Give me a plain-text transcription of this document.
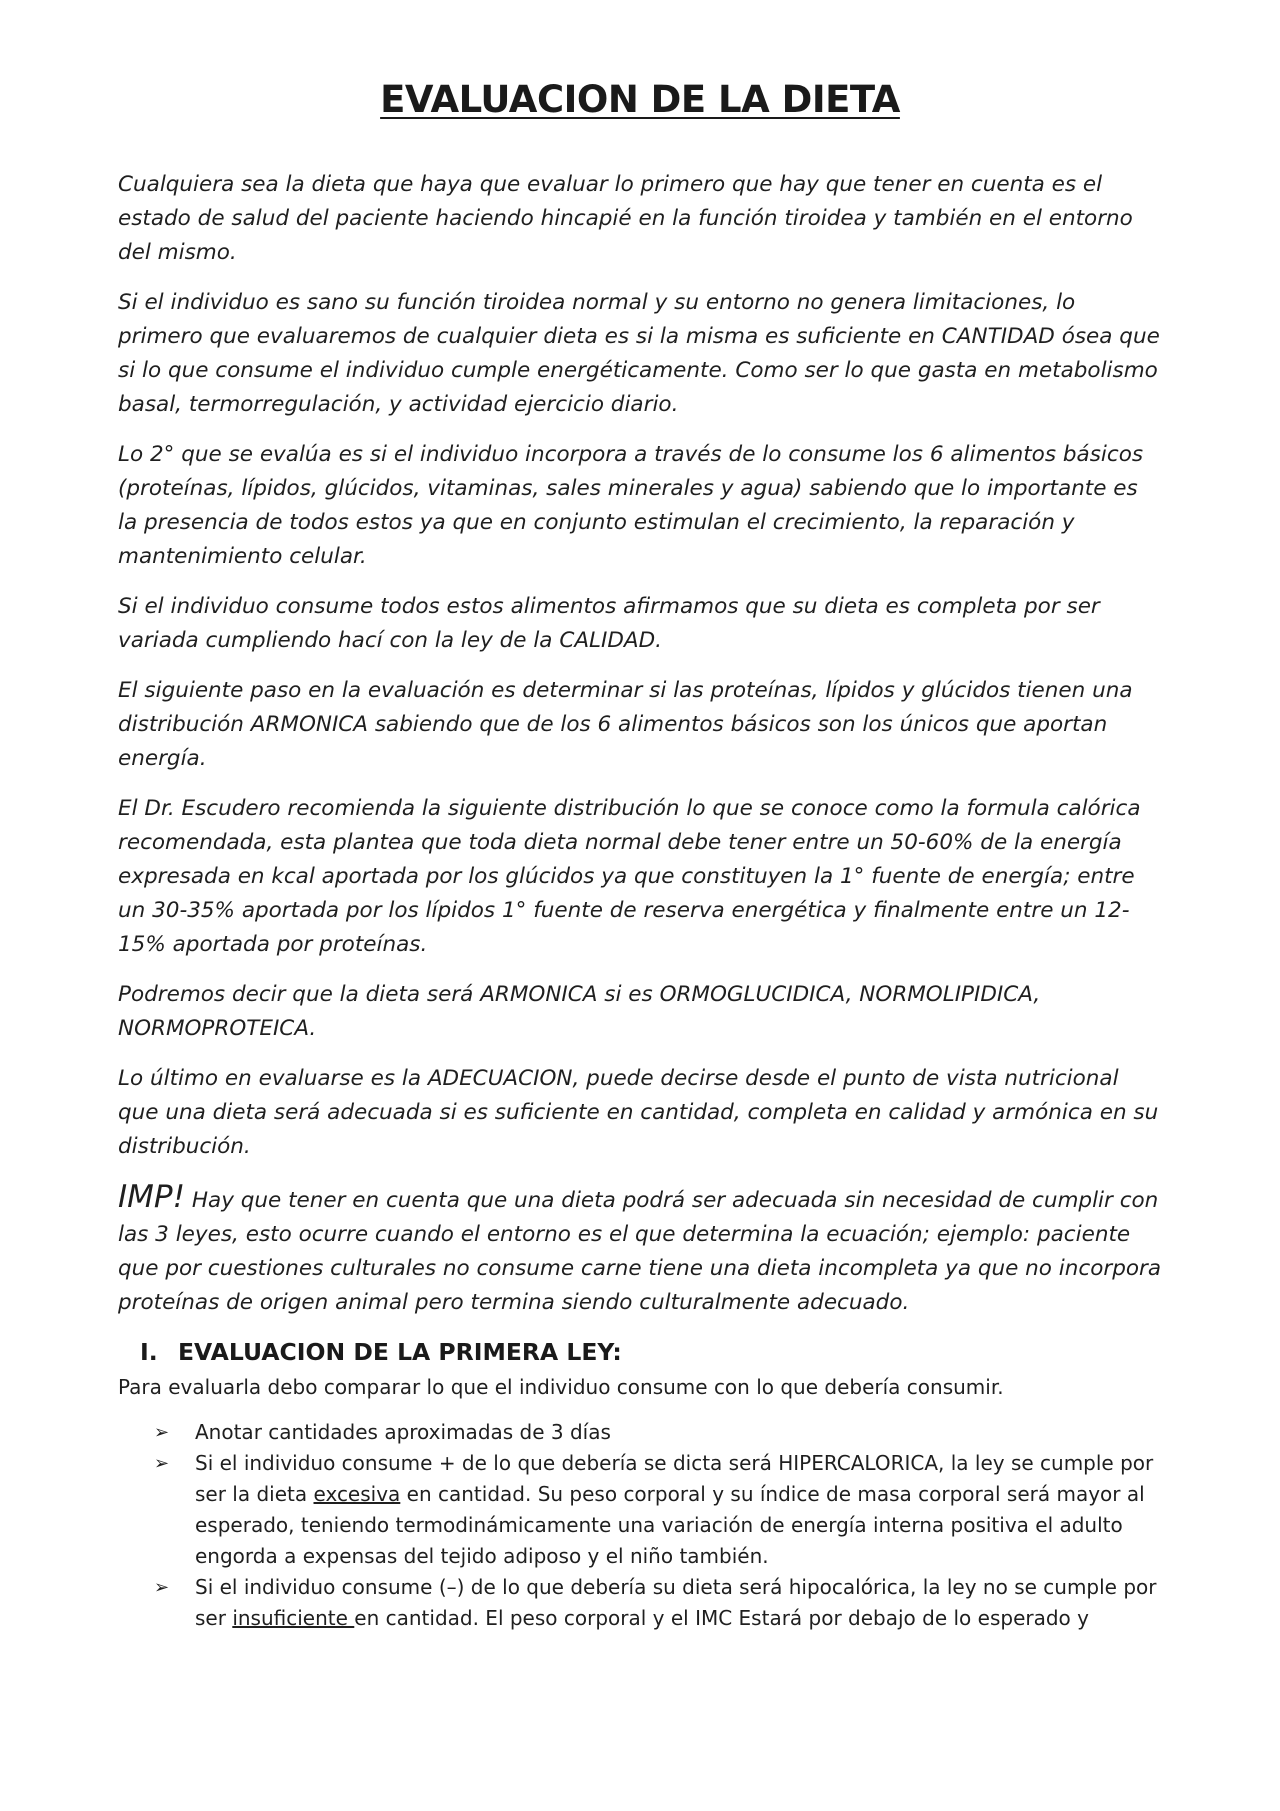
EVALUACION DE LA DIETA

Cualquiera sea la dieta que haya que evaluar lo primero que hay que tener en cuenta es el estado de salud del paciente haciendo hincapié en la función tiroidea y también en el entorno del mismo.

Si el individuo es sano su función tiroidea normal y su entorno no genera limitaciones, lo primero que evaluaremos de cualquier dieta es si la misma es suficiente en CANTIDAD ósea que si lo que consume el individuo cumple energéticamente. Como ser lo que gasta en metabolismo basal, termorregulación, y actividad ejercicio diario.

Lo 2° que se evalúa es si el individuo incorpora a través de lo consume los 6 alimentos básicos (proteínas, lípidos, glúcidos, vitaminas, sales minerales y agua) sabiendo que lo importante es la presencia de todos estos ya que en conjunto estimulan el crecimiento, la reparación y mantenimiento celular.

Si el individuo consume todos estos alimentos afirmamos que su dieta es completa por ser variada cumpliendo hací con la ley de la CALIDAD.

El siguiente paso en la evaluación es determinar si las proteínas, lípidos y glúcidos tienen una distribución ARMONICA sabiendo que de los 6 alimentos básicos son los únicos que aportan energía.

El Dr. Escudero recomienda la siguiente distribución lo que se conoce como la formula calórica recomendada, esta plantea que toda dieta normal debe tener entre un 50-60% de la energía expresada en kcal aportada por los glúcidos ya que constituyen la 1° fuente de energía; entre un 30-35% aportada por los lípidos 1° fuente de reserva energética y finalmente entre un 12-15% aportada por proteínas.

Podremos decir que la dieta será ARMONICA si es ORMOGLUCIDICA, NORMOLIPIDICA, NORMOPROTEICA.

Lo último en evaluarse es la ADECUACION, puede decirse desde el punto de vista nutricional que una dieta será adecuada si es suficiente en cantidad, completa en calidad y armónica en su distribución.

IMP! Hay que tener en cuenta que una dieta podrá ser adecuada sin necesidad de cumplir con las 3 leyes, esto ocurre cuando el entorno es el que determina la ecuación; ejemplo: paciente que por cuestiones culturales no consume carne tiene una dieta incompleta ya que no incorpora proteínas de origen animal pero termina siendo culturalmente adecuado.

I. EVALUACION DE LA PRIMERA LEY:

Para evaluarla debo comparar lo que el individuo consume con lo que debería consumir.

➢	Anotar cantidades aproximadas de 3 días
➢	Si el individuo consume + de lo que debería se dicta será HIPERCALORICA, la ley se cumple por ser la dieta excesiva en cantidad. Su peso corporal y su índice de masa corporal será mayor al esperado, teniendo termodinámicamente una variación de energía interna positiva el adulto engorda a expensas del tejido adiposo y el niño también.
➢	Si el individuo consume (–) de lo que debería su dieta será hipocalórica, la ley no se cumple por ser insuficiente en cantidad. El peso corporal y el IMC Estará por debajo de lo esperado y
